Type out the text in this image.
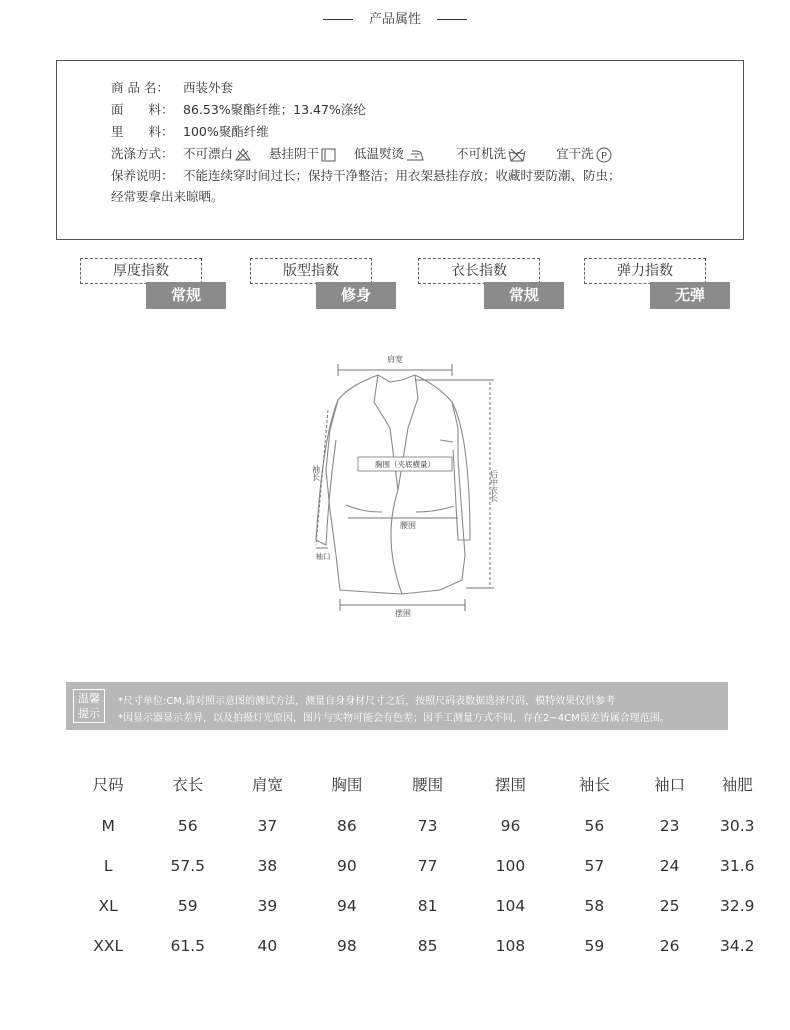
产品属性
商 品 名： 西装外套
面　　料： 86.53%聚酯纤维；13.47%涤纶
里　　料： 100%聚酯纤维
洗涤方式： 不可漂白	悬挂阴干	低温熨烫	不可机洗	宜干洗 P
保养说明： 不能连续穿时间过长；保持干净整洁；用衣架悬挂存放；收藏时要防潮、防虫；
经常要拿出来晾晒。
厚度指数
常规
版型指数
修身
衣长指数
常规
弹力指数
无弹
肩宽
胸围（夹底横量）
腰围
摆围
袖长
袖口
后中衣长
温馨
提示
*尺寸单位:CM,请对照示意图的测试方法，测量自身身材尺寸之后，按照尺码表数据选择尺码，模特效果仅供参考
*因显示器显示差异，以及拍摄灯光原因，图片与实物可能会有色差；因手工测量方式不同，存在2~4CM误差皆属合理范围。
尺码	衣长	肩宽	胸围	腰围	摆围	袖长	袖口	袖肥
M	56	37	86	73	96	56	23	30.3
L	57.5	38	90	77	100	57	24	31.6
XL	59	39	94	81	104	58	25	32.9
XXL	61.5	40	98	85	108	59	26	34.2
